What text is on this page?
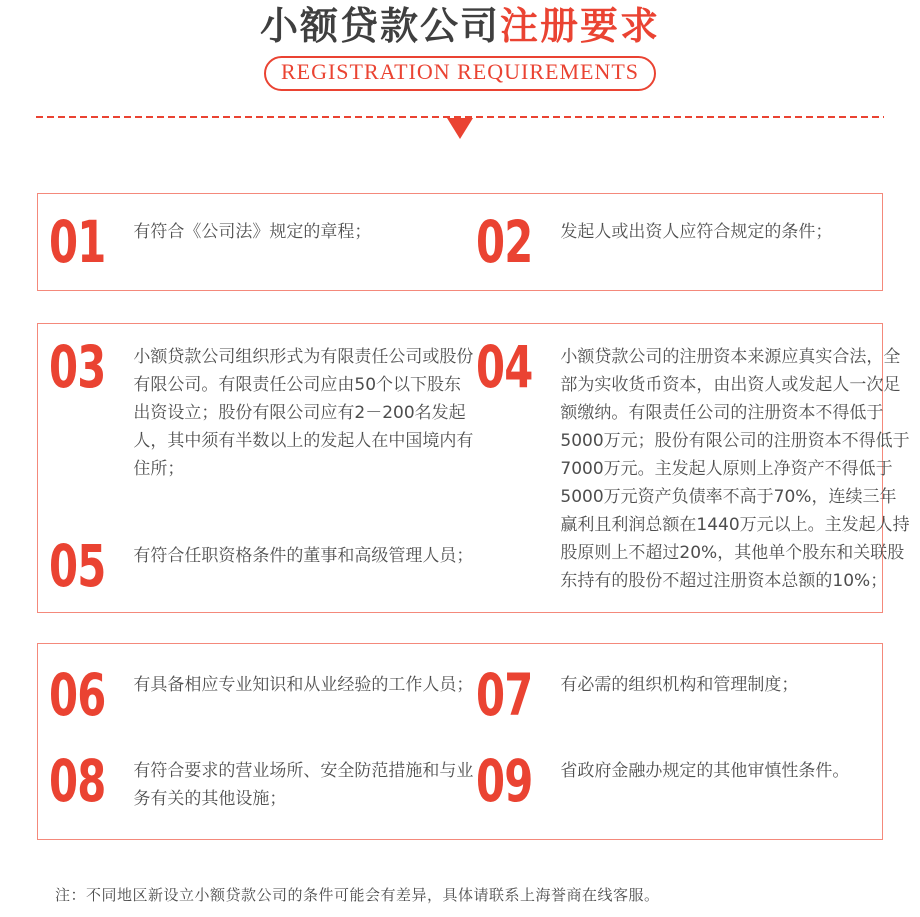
小额贷款公司注册要求
REGISTRATION REQUIREMENTS
01 有符合《公司法》规定的章程；	02 发起人或出资人应符合规定的条件；

03 小额贷款公司组织形式为有限责任公司或股份有限公司。有限责任公司应由50个以下股东出资设立；股份有限公司应有2－200名发起人，其中须有半数以上的发起人在中国境内有住所；

05 有符合任职资格条件的董事和高级管理人员；

04 小额贷款公司的注册资本来源应真实合法，全部为实收货币资本，由出资人或发起人一次足额缴纳。有限责任公司的注册资本不得低于5000万元；股份有限公司的注册资本不得低于7000万元。主发起人原则上净资产不得低于5000万元资产负债率不高于70%，连续三年赢利且利润总额在1440万元以上。主发起人持股原则上不超过20%，其他单个股东和关联股东持有的股份不超过注册资本总额的10%；

06 有具备相应专业知识和从业经验的工作人员； 07 有必需的组织机构和管理制度；

08 有符合要求的营业场所、安全防范措施和与业务有关的其他设施；	09 省政府金融办规定的其他审慎性条件。

注：不同地区新设立小额贷款公司的条件可能会有差异，具体请联系上海誉商在线客服。
